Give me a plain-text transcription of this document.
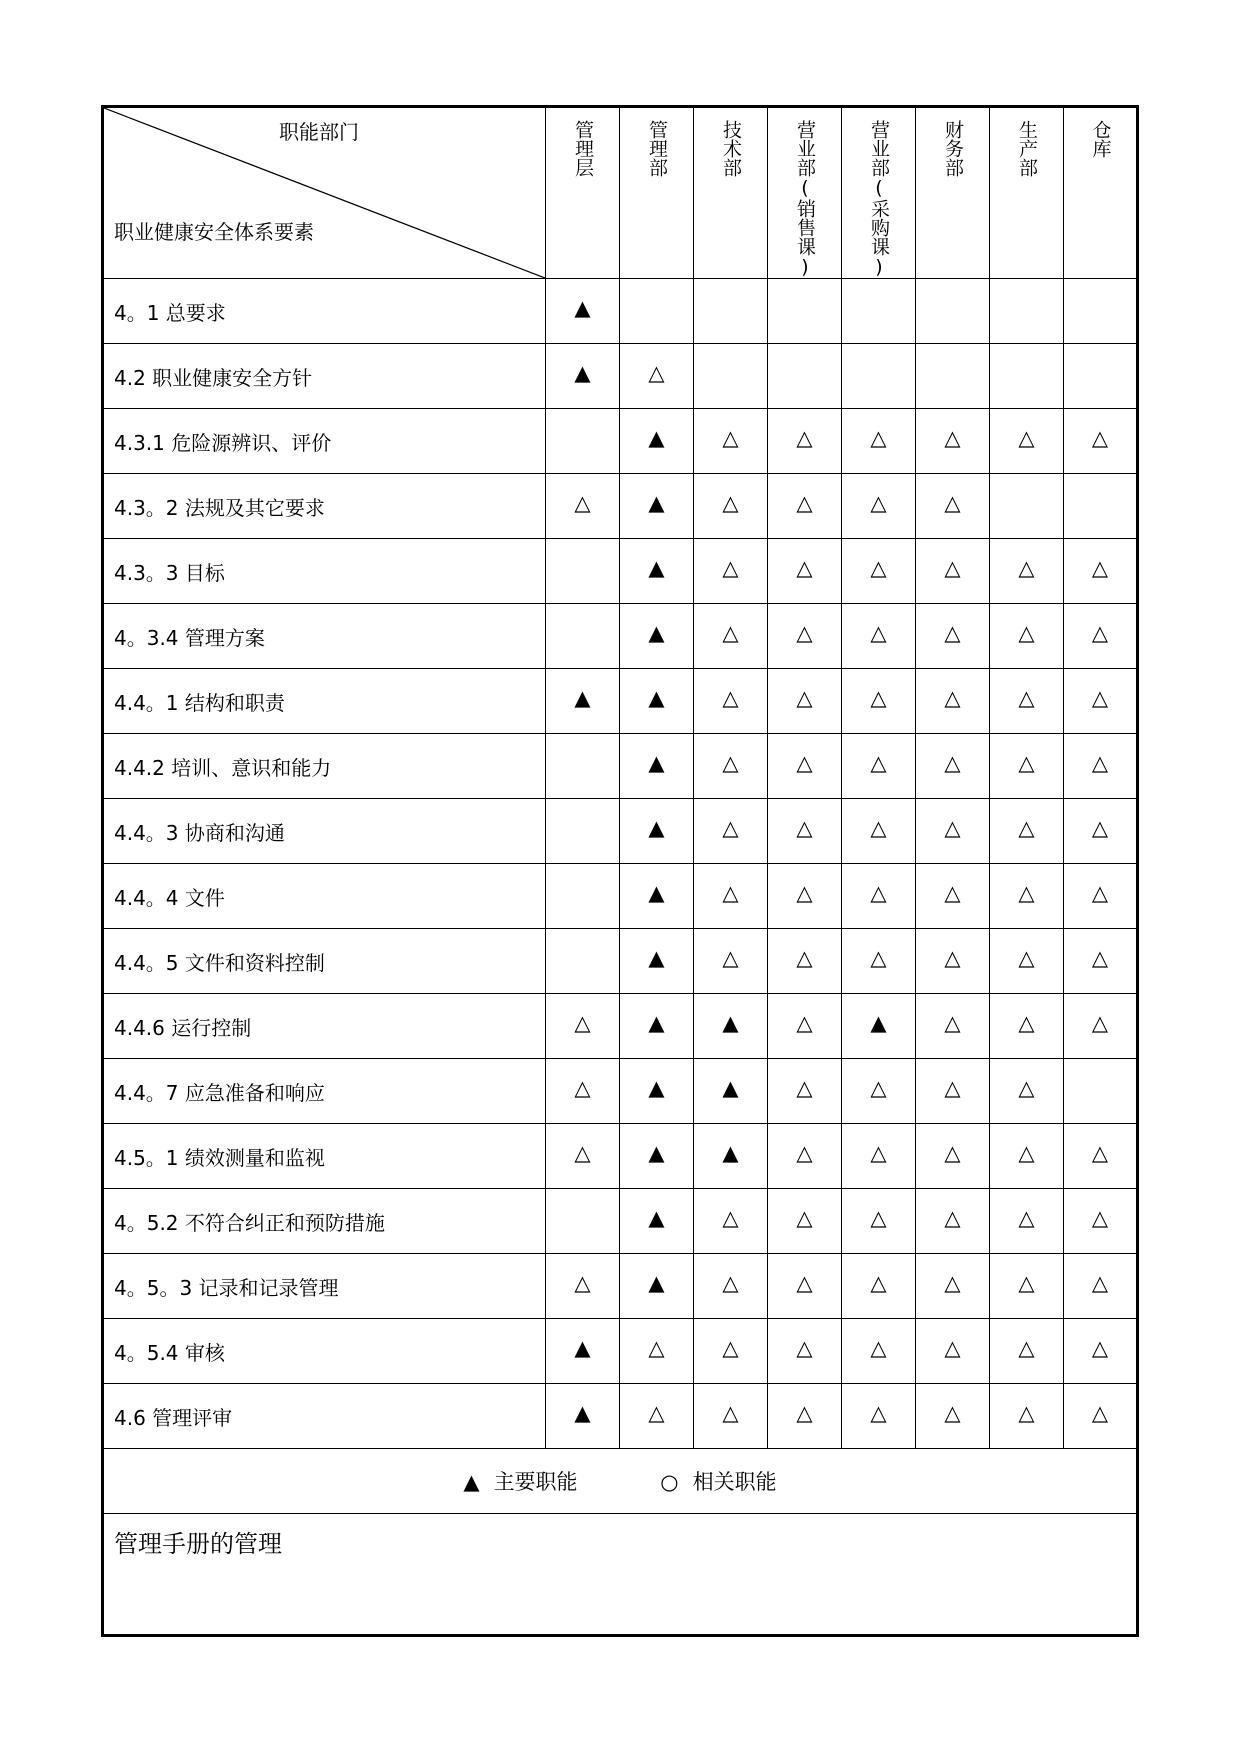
职能部门
职业健康安全体系要素	管理层	管理部	技术部	营业部(销售课)	营业部(采购课)	财务部	生产部	仓库

4。1 总要求	▲							
4.2 职业健康安全方针	▲	△						
4.3.1 危险源辨识、评价		▲	△	△	△	△	△	△
4.3。2 法规及其它要求	△	▲	△	△	△	△		
4.3。3 目标		▲	△	△	△	△	△	△
4。3.4 管理方案		▲	△	△	△	△	△	△
4.4。1 结构和职责	▲	▲	△	△	△	△	△	△
4.4.2 培训、意识和能力		▲	△	△	△	△	△	△
4.4。3 协商和沟通		▲	△	△	△	△	△	△
4.4。4 文件		▲	△	△	△	△	△	△
4.4。5 文件和资料控制		▲	△	△	△	△	△	△
4.4.6 运行控制	△	▲	▲	△	▲	△	△	△
4.4。7 应急准备和响应	△	▲	▲	△	△	△	△	
4.5。1 绩效测量和监视	△	▲	▲	△	△	△	△	△
4。5.2 不符合纠正和预防措施		▲	△	△	△	△	△	△
4。5。3 记录和记录管理	△	▲	△	△	△	△	△	△
4。5.4 审核	▲	△	△	△	△	△	△	△
4.6 管理评审	▲	△	△	△	△	△	△	△
▲ 主要职能 ○ 相关职能								
管理手册的管理								
